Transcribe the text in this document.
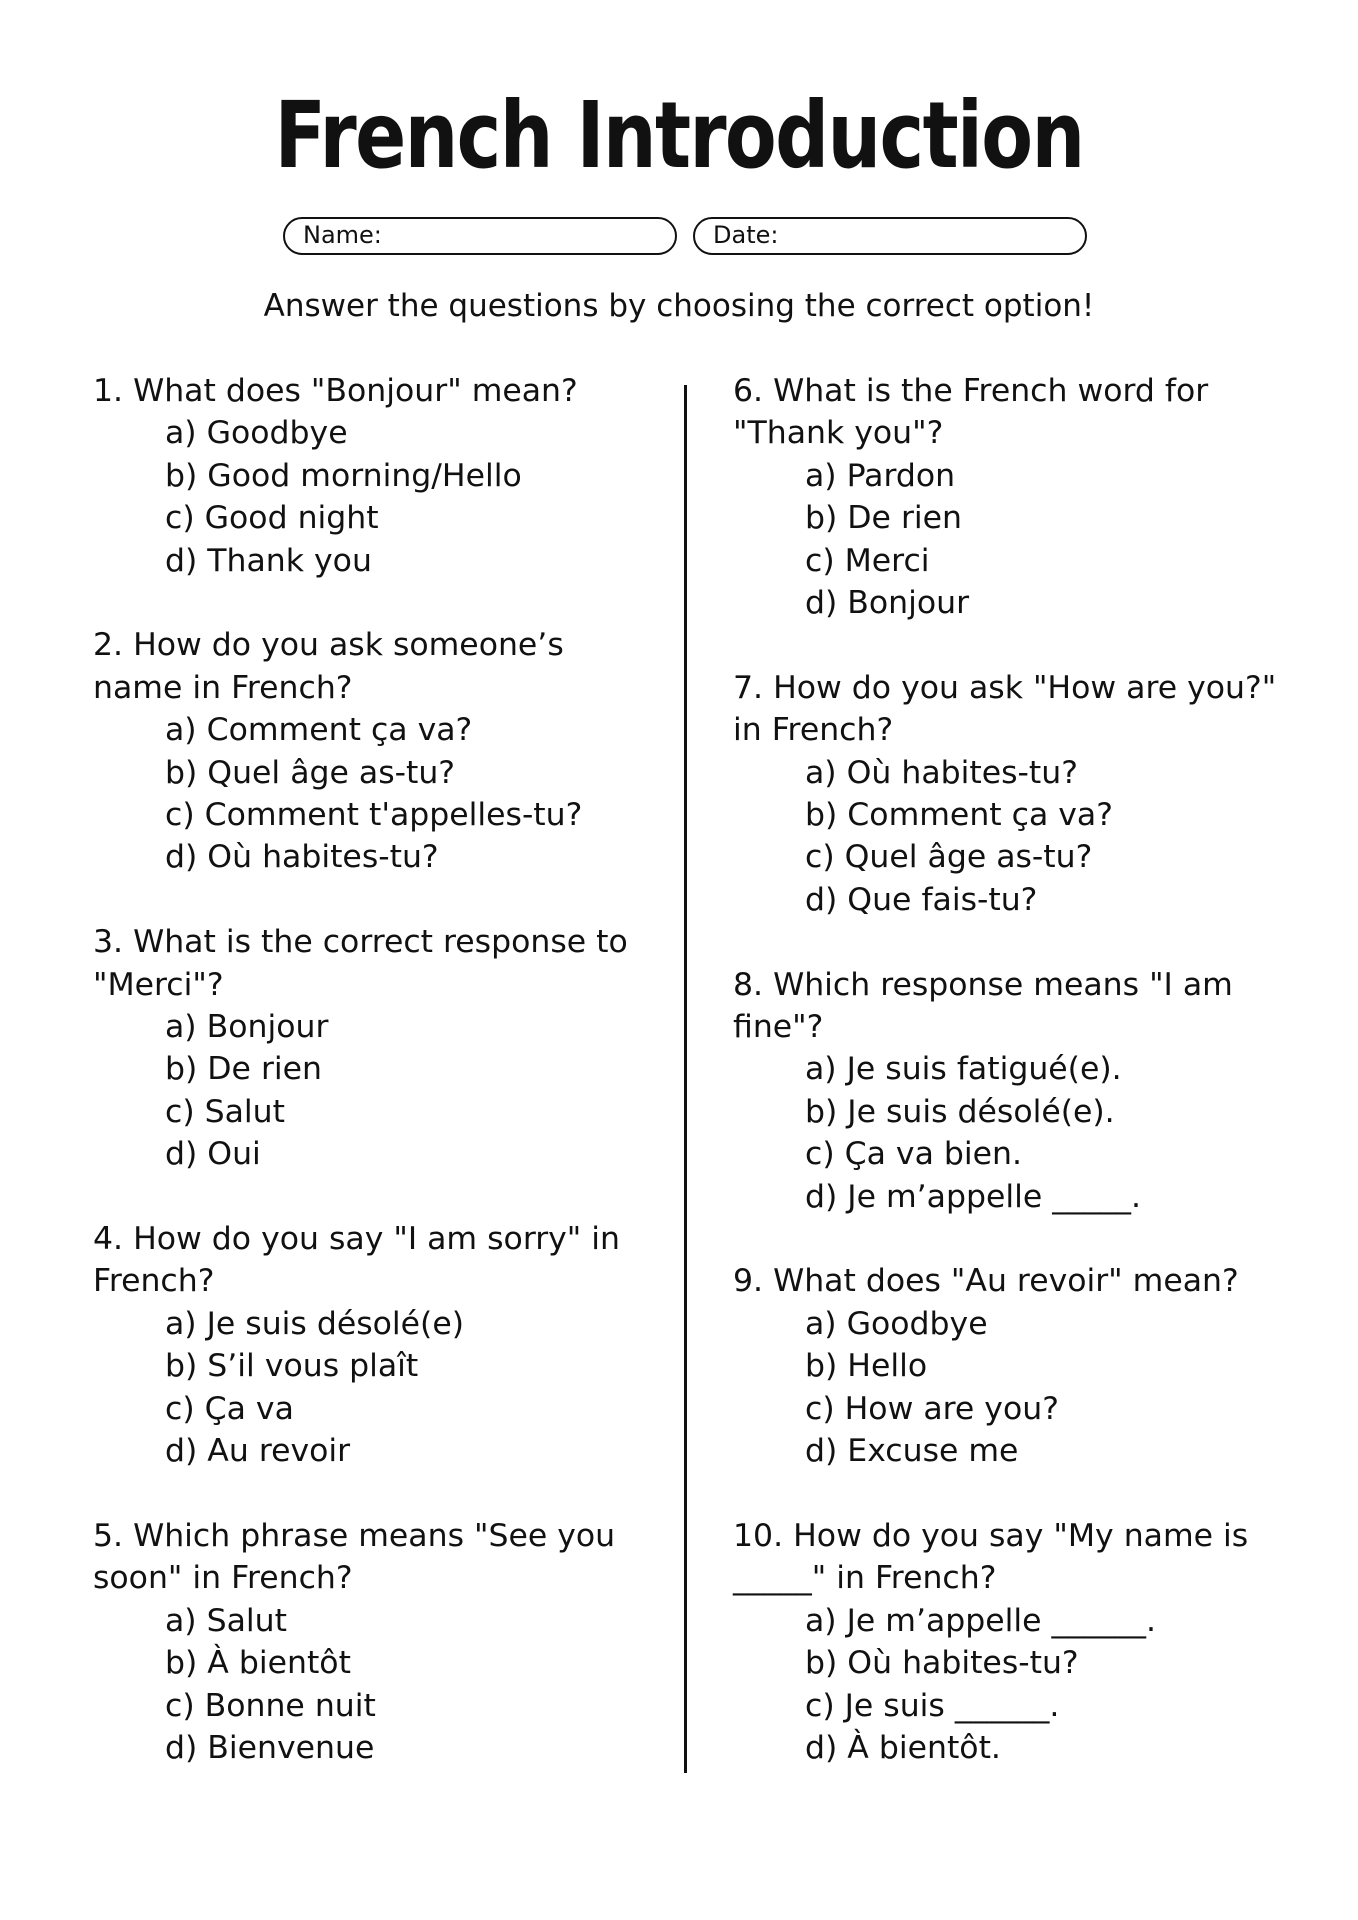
French Introduction
Name:	Date:
Answer the questions by choosing the correct option!

1. What does "Bonjour" mean?

a) Goodbye
b) Good morning/Hello
c) Good night
d) Thank you

2. How do you ask someone’s name in French?

a) Comment ça va?
b) Quel âge as-tu?
c) Comment t'appelles-tu?
d) Où habites-tu?

3. What is the correct response to "Merci"?

a) Bonjour
b) De rien
c) Salut
d) Oui

4. How do you say "I am sorry" in French?

a) Je suis désolé(e)
b) S’il vous plaît
c) Ça va
d) Au revoir

5. Which phrase means "See you soon" in French?

a) Salut
b) À bientôt
c) Bonne nuit
d) Bienvenue

6. What is the French word for "Thank you"?

a) Pardon
b) De rien
c) Merci
d) Bonjour

7. How do you ask "How are you?" in French?

a) Où habites-tu?
b) Comment ça va?
c) Quel âge as-tu?
d) Que fais-tu?

8. Which response means "I am fine"?

a) Je suis fatigué(e).
b) Je suis désolé(e).
c) Ça va bien.
d) Je m’appelle _____.

9. What does "Au revoir" mean?

a) Goodbye
b) Hello
c) How are you?
d) Excuse me

10. How do you say "My name is _____" in French?

a) Je m’appelle ______.
b) Où habites-tu?
c) Je suis ______.
d) À bientôt.
